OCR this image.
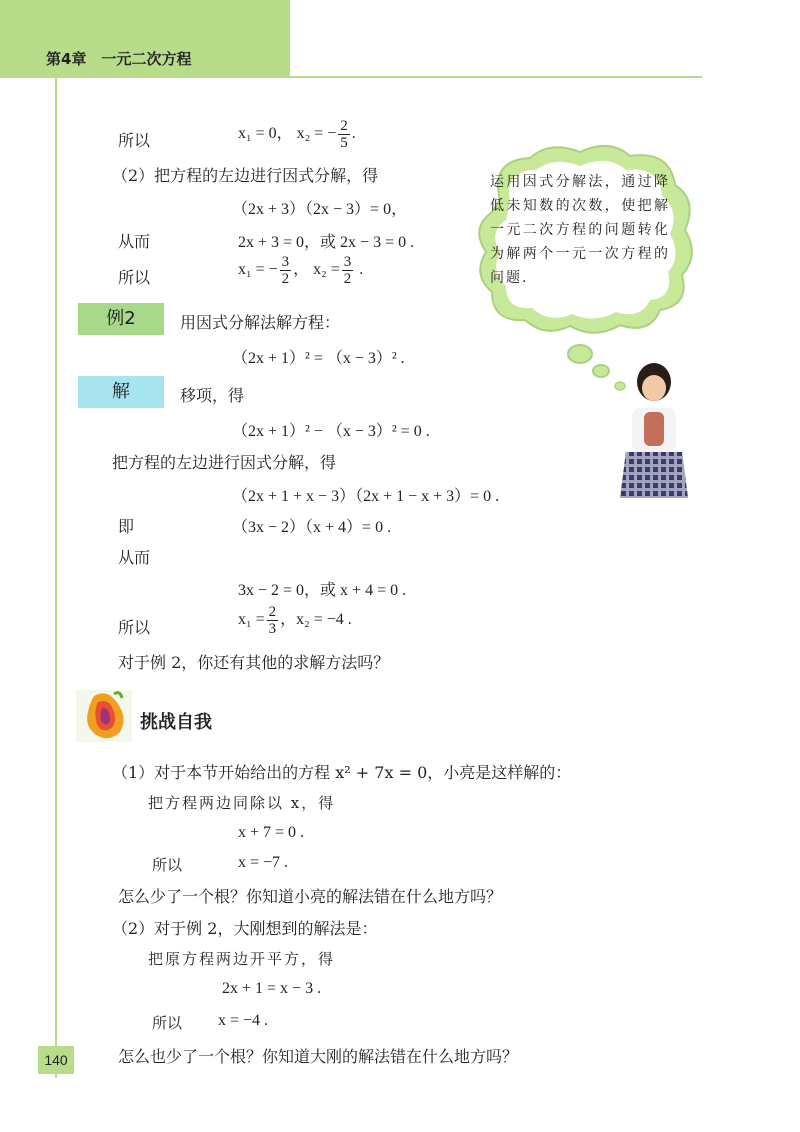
第4章　一元二次方程
运用因式分解法，通过降低未知数的次数，使把解一元二次方程的问题转化为解两个一元一次方程的问题.
所以	x₁ = 0， x₂ = − $\frac{2}{5}$ .
（2）把方程的左边进行因式分解，得
（2x + 3）（2x − 3）= 0，
从而	2x + 3 = 0，或 2x − 3 = 0 .
所以	x₁ = − $\frac{3}{2}$ ， $x_2 = \frac{3}{2}$ .
例2	用因式分解法解方程：
（2x + 1）² = （x − 3）² .
解	移项，得
（2x + 1）² − （x − 3）² = 0 .
把方程的左边进行因式分解，得
（2x + 1 + x − 3）（2x + 1 − x + 3）= 0 .
即	（3x − 2）（x + 4）= 0 .
从而
3x − 2 = 0，或 x + 4 = 0 .
所以	$x_1 = \frac{2}{3}$ ，x₂ = −4 .
对于例 2，你还有其他的求解方法吗？
挑战自我
（1）对于本节开始给出的方程 x² + 7x = 0，小亮是这样解的：
把方程两边同除以 x，得
x + 7 = 0 .
所以	x = −7 .
怎么少了一个根？你知道小亮的解法错在什么地方吗？
（2）对于例 2，大刚想到的解法是：
把原方程两边开平方，得
2x + 1 = x − 3 .
所以 x = −4 .
怎么也少了一个根？你知道大刚的解法错在什么地方吗？
140
